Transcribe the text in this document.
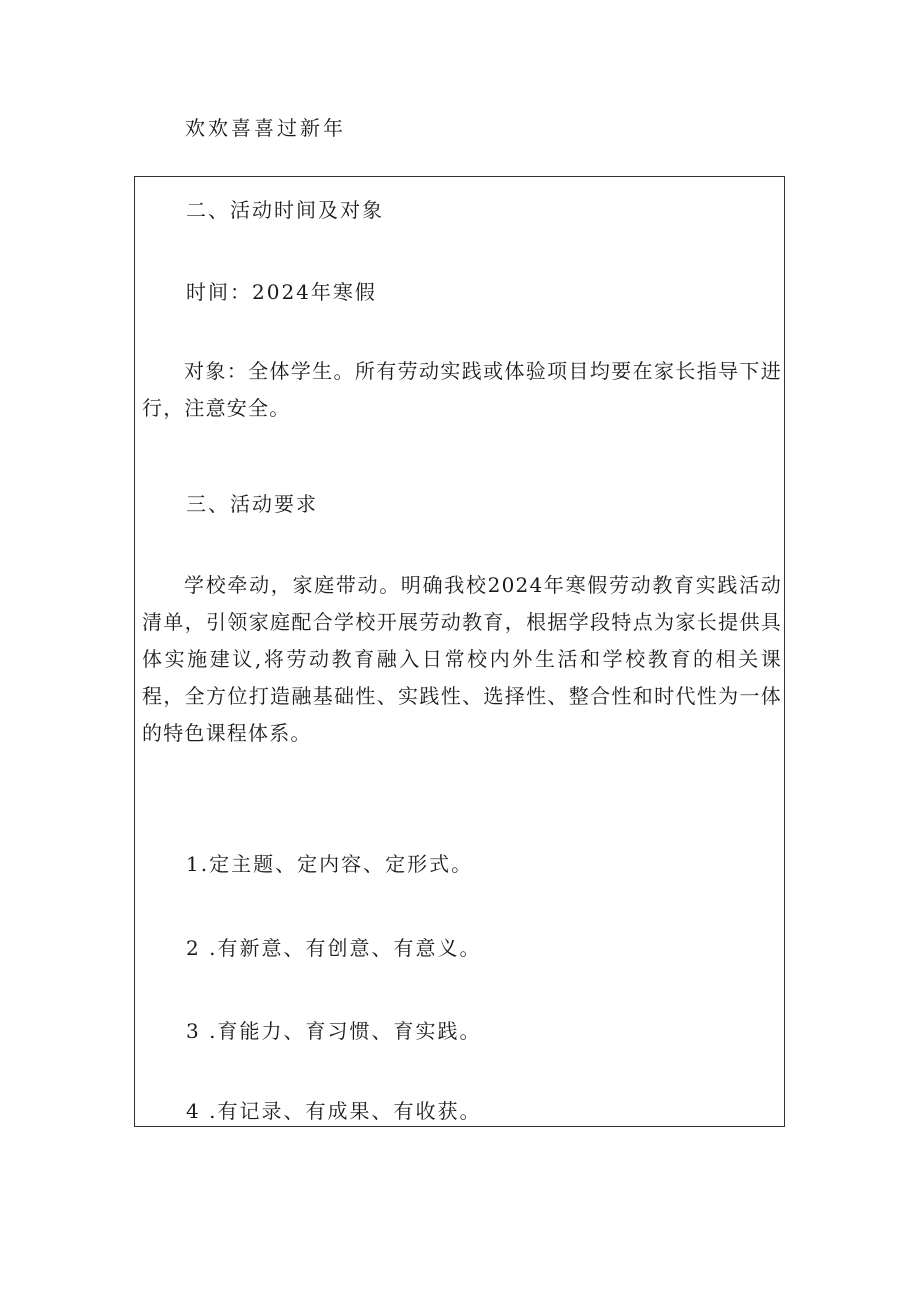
欢欢喜喜过新年
二、活动时间及对象
时间：2024年寒假

对象：全体学生。所有劳动实践或体验项目均要在家长指导下进行，注意安全。

三、活动要求

学校牵动，家庭带动。明确我校2024年寒假劳动教育实践活动清单，引领家庭配合学校开展劳动教育，根据学段特点为家长提供具体实施建议,将劳动教育融入日常校内外生活和学校教育的相关课程，全方位打造融基础性、实践性、选择性、整合性和时代性为一体的特色课程体系。

1.定主题、定内容、定形式。
2 .有新意、有创意、有意义。
3 .育能力、育习惯、育实践。
4 .有记录、有成果、有收获。
